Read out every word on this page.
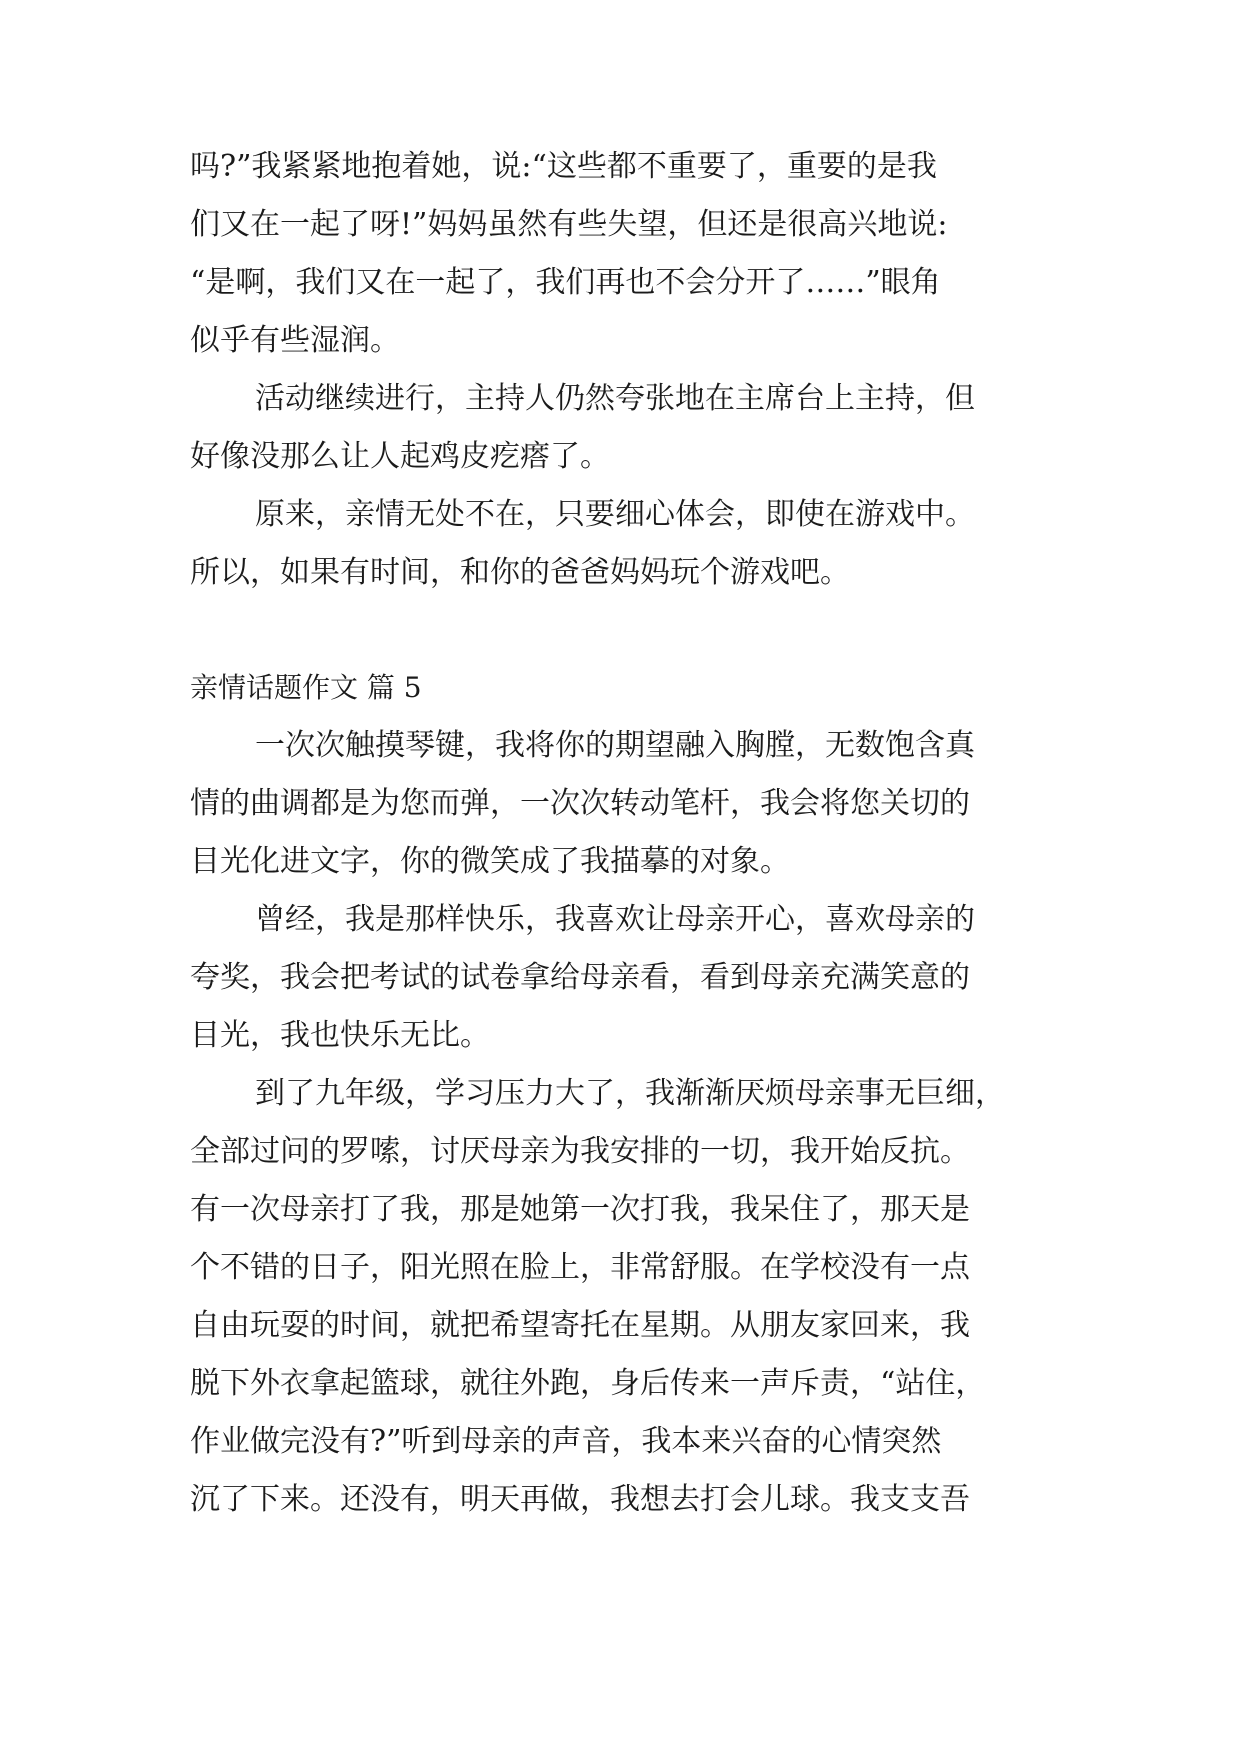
吗?”我紧紧地抱着她，说:“这些都不重要了，重要的是我
们又在一起了呀!”妈妈虽然有些失望，但还是很高兴地说:
“是啊，我们又在一起了，我们再也不会分开了……”眼角
似乎有些湿润。
活动继续进行，主持人仍然夸张地在主席台上主持，但
好像没那么让人起鸡皮疙瘩了。
原来，亲情无处不在，只要细心体会，即使在游戏中。
所以，如果有时间，和你的爸爸妈妈玩个游戏吧。
亲情话题作文 篇 5
一次次触摸琴键，我将你的期望融入胸膛，无数饱含真
情的曲调都是为您而弹，一次次转动笔杆，我会将您关切的
目光化进文字，你的微笑成了我描摹的对象。
曾经，我是那样快乐，我喜欢让母亲开心，喜欢母亲的
夸奖，我会把考试的试卷拿给母亲看，看到母亲充满笑意的
目光，我也快乐无比。
到了九年级，学习压力大了，我渐渐厌烦母亲事无巨细，
全部过问的罗嗦，讨厌母亲为我安排的一切，我开始反抗。
有一次母亲打了我，那是她第一次打我，我呆住了，那天是
个不错的日子，阳光照在脸上，非常舒服。在学校没有一点
自由玩耍的时间，就把希望寄托在星期。从朋友家回来，我
脱下外衣拿起篮球，就往外跑，身后传来一声斥责，“站住，
作业做完没有?”听到母亲的声音，我本来兴奋的心情突然
沉了下来。还没有，明天再做，我想去打会儿球。我支支吾
